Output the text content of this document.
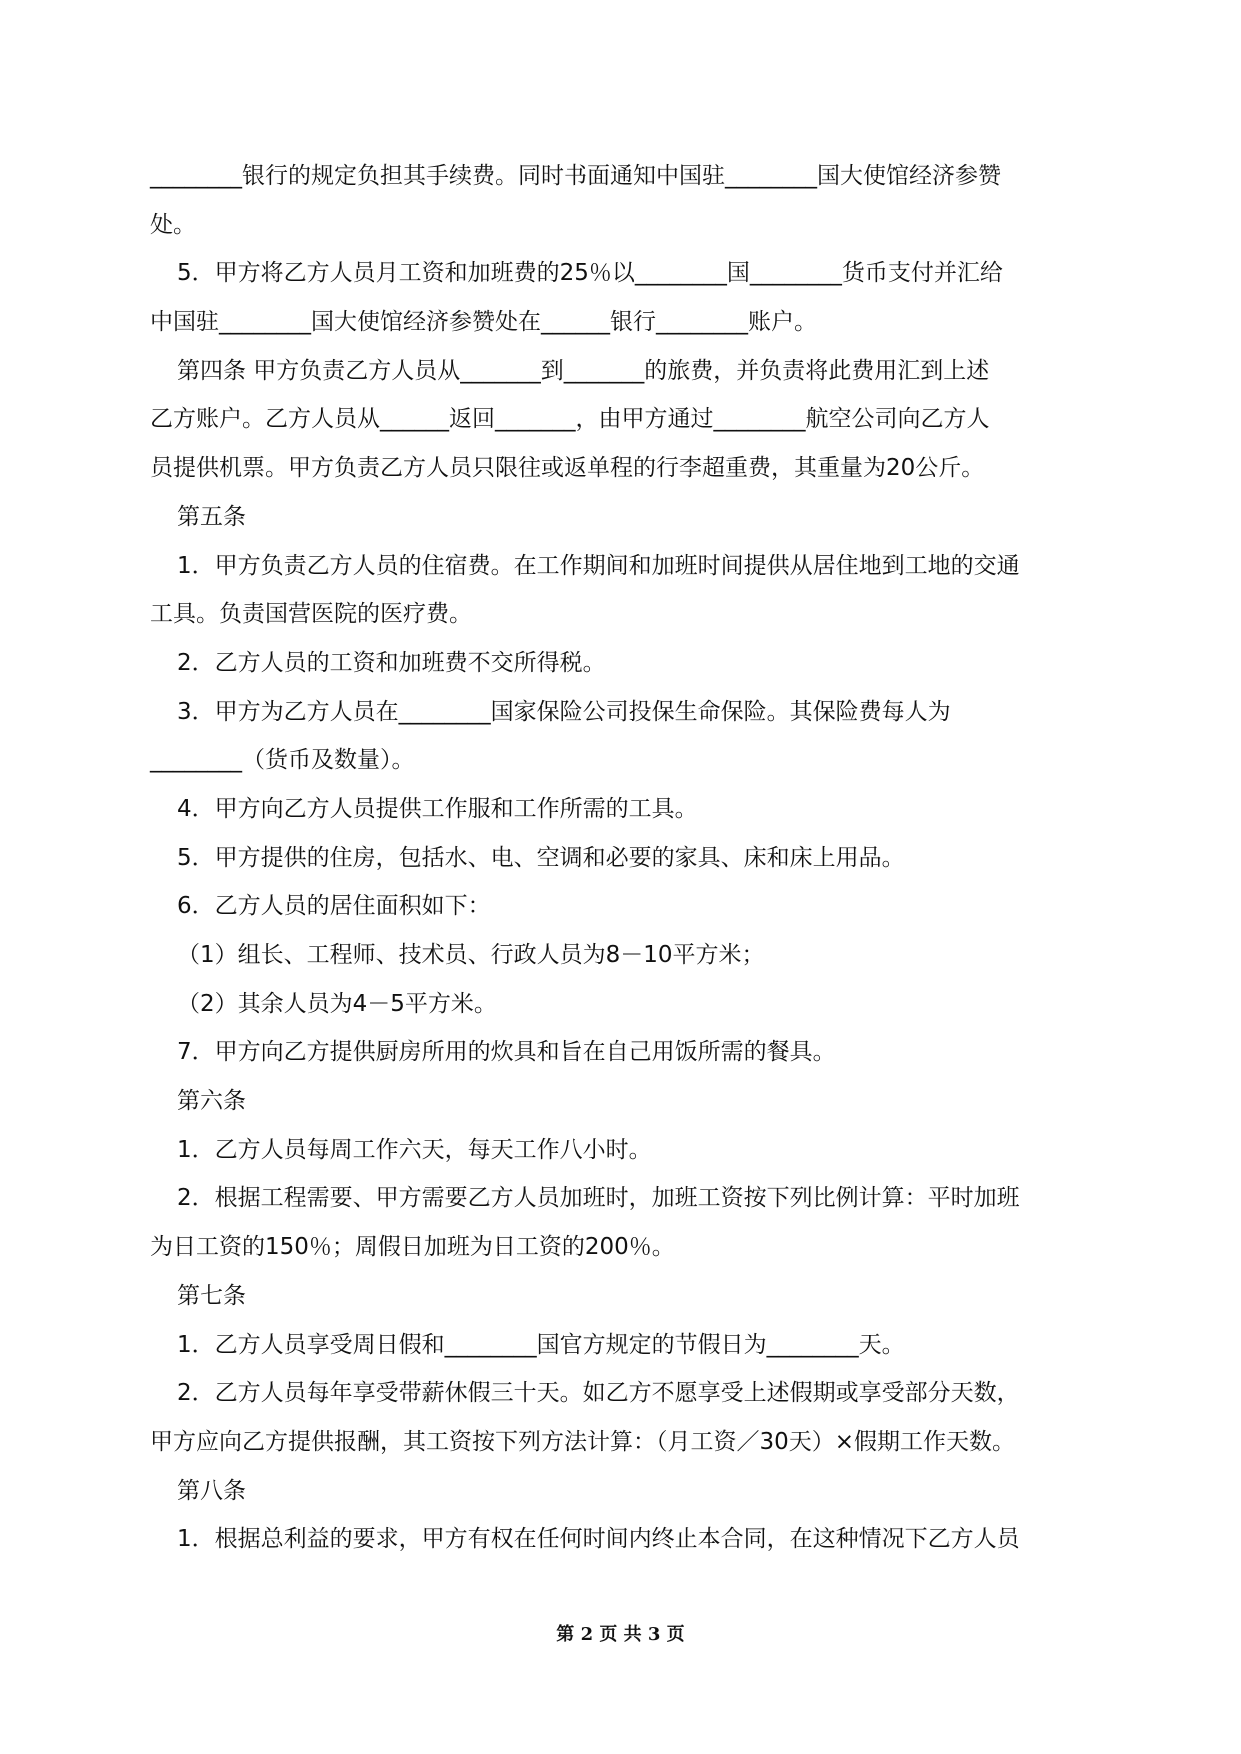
________银行的规定负担其手续费。同时书面通知中国驻________国大使馆经济参赞
处。
5．甲方将乙方人员月工资和加班费的25％以________国________货币支付并汇给
中国驻________国大使馆经济参赞处在______银行________账户。
第四条 甲方负责乙方人员从_______到_______的旅费，并负责将此费用汇到上述
乙方账户。乙方人员从______返回_______，由甲方通过________航空公司向乙方人
员提供机票。甲方负责乙方人员只限往或返单程的行李超重费，其重量为20公斤。
第五条
1．甲方负责乙方人员的住宿费。在工作期间和加班时间提供从居住地到工地的交通
工具。负责国营医院的医疗费。
2．乙方人员的工资和加班费不交所得税。
3．甲方为乙方人员在________国家保险公司投保生命保险。其保险费每人为
________（货币及数量）。
4．甲方向乙方人员提供工作服和工作所需的工具。
5．甲方提供的住房，包括水、电、空调和必要的家具、床和床上用品。
6．乙方人员的居住面积如下：
（1）组长、工程师、技术员、行政人员为8－10平方米；
（2）其余人员为4－5平方米。
7．甲方向乙方提供厨房所用的炊具和旨在自己用饭所需的餐具。
第六条
1．乙方人员每周工作六天，每天工作八小时。
2．根据工程需要、甲方需要乙方人员加班时，加班工资按下列比例计算：平时加班
为日工资的150％；周假日加班为日工资的200％。
第七条
1．乙方人员享受周日假和________国官方规定的节假日为________天。
2．乙方人员每年享受带薪休假三十天。如乙方不愿享受上述假期或享受部分天数，
甲方应向乙方提供报酬，其工资按下列方法计算：（月工资／30天）×假期工作天数。
第八条
1．根据总利益的要求，甲方有权在任何时间内终止本合同，在这种情况下乙方人员
第 2 页 共 3 页
